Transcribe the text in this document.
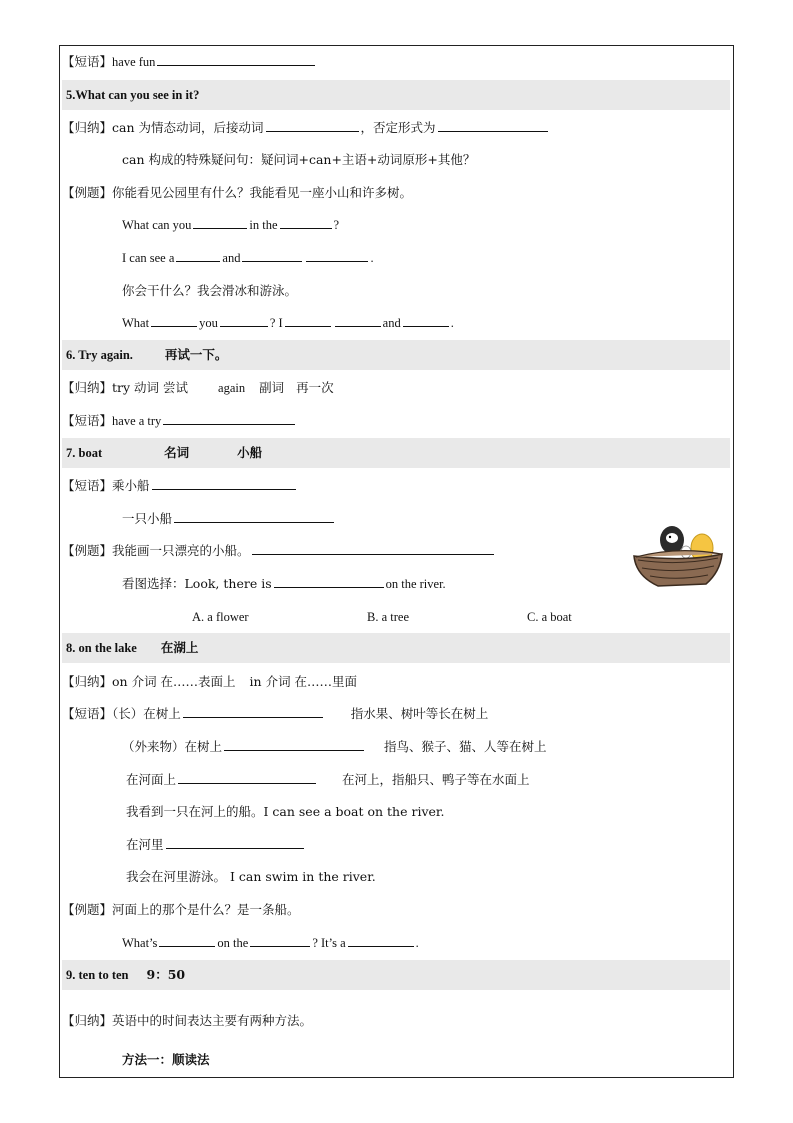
【短语】have fun
5.What can you see in it?
【归纳】can 为情态动词，后接动词	，否定形式为
can 构成的特殊疑问句：疑问词+can+主语+动词原形+其他？
【例题】你能看见公园里有什么？我能看见一座小山和许多树。
What can you	in the	?
I can see a	and	.
你会干什么？我会滑冰和游泳。
What	you	? I	and	.
6. Try again.	再试一下。
【归纳】try 动词 尝试 again 副词 再一次
【短语】have a try
7. boat	名词	小船
【短语】乘小船
一只小船
【例题】我能画一只漂亮的小船。
看图选择：Look, there is	on the river.
A. a flower	B. a tree	C. a boat
8. on the lake 在湖上
【归纳】on 介词 在……表面上 in 介词 在……里面
【短语】（长）在树上	指水果、树叶等长在树上
（外来物）在树上	指鸟、猴子、猫、人等在树上
在河面上	在河上，指船只、鸭子等在水面上
我看到一只在河上的船。I can see a boat on the river.
在河里
我会在河里游泳。 I can swim in the river.
【例题】河面上的那个是什么？是一条船。
What’s	on the	? It’s a	.
9. ten to ten 9：50
【归纳】英语中的时间表达主要有两种方法。
方法一：顺读法
